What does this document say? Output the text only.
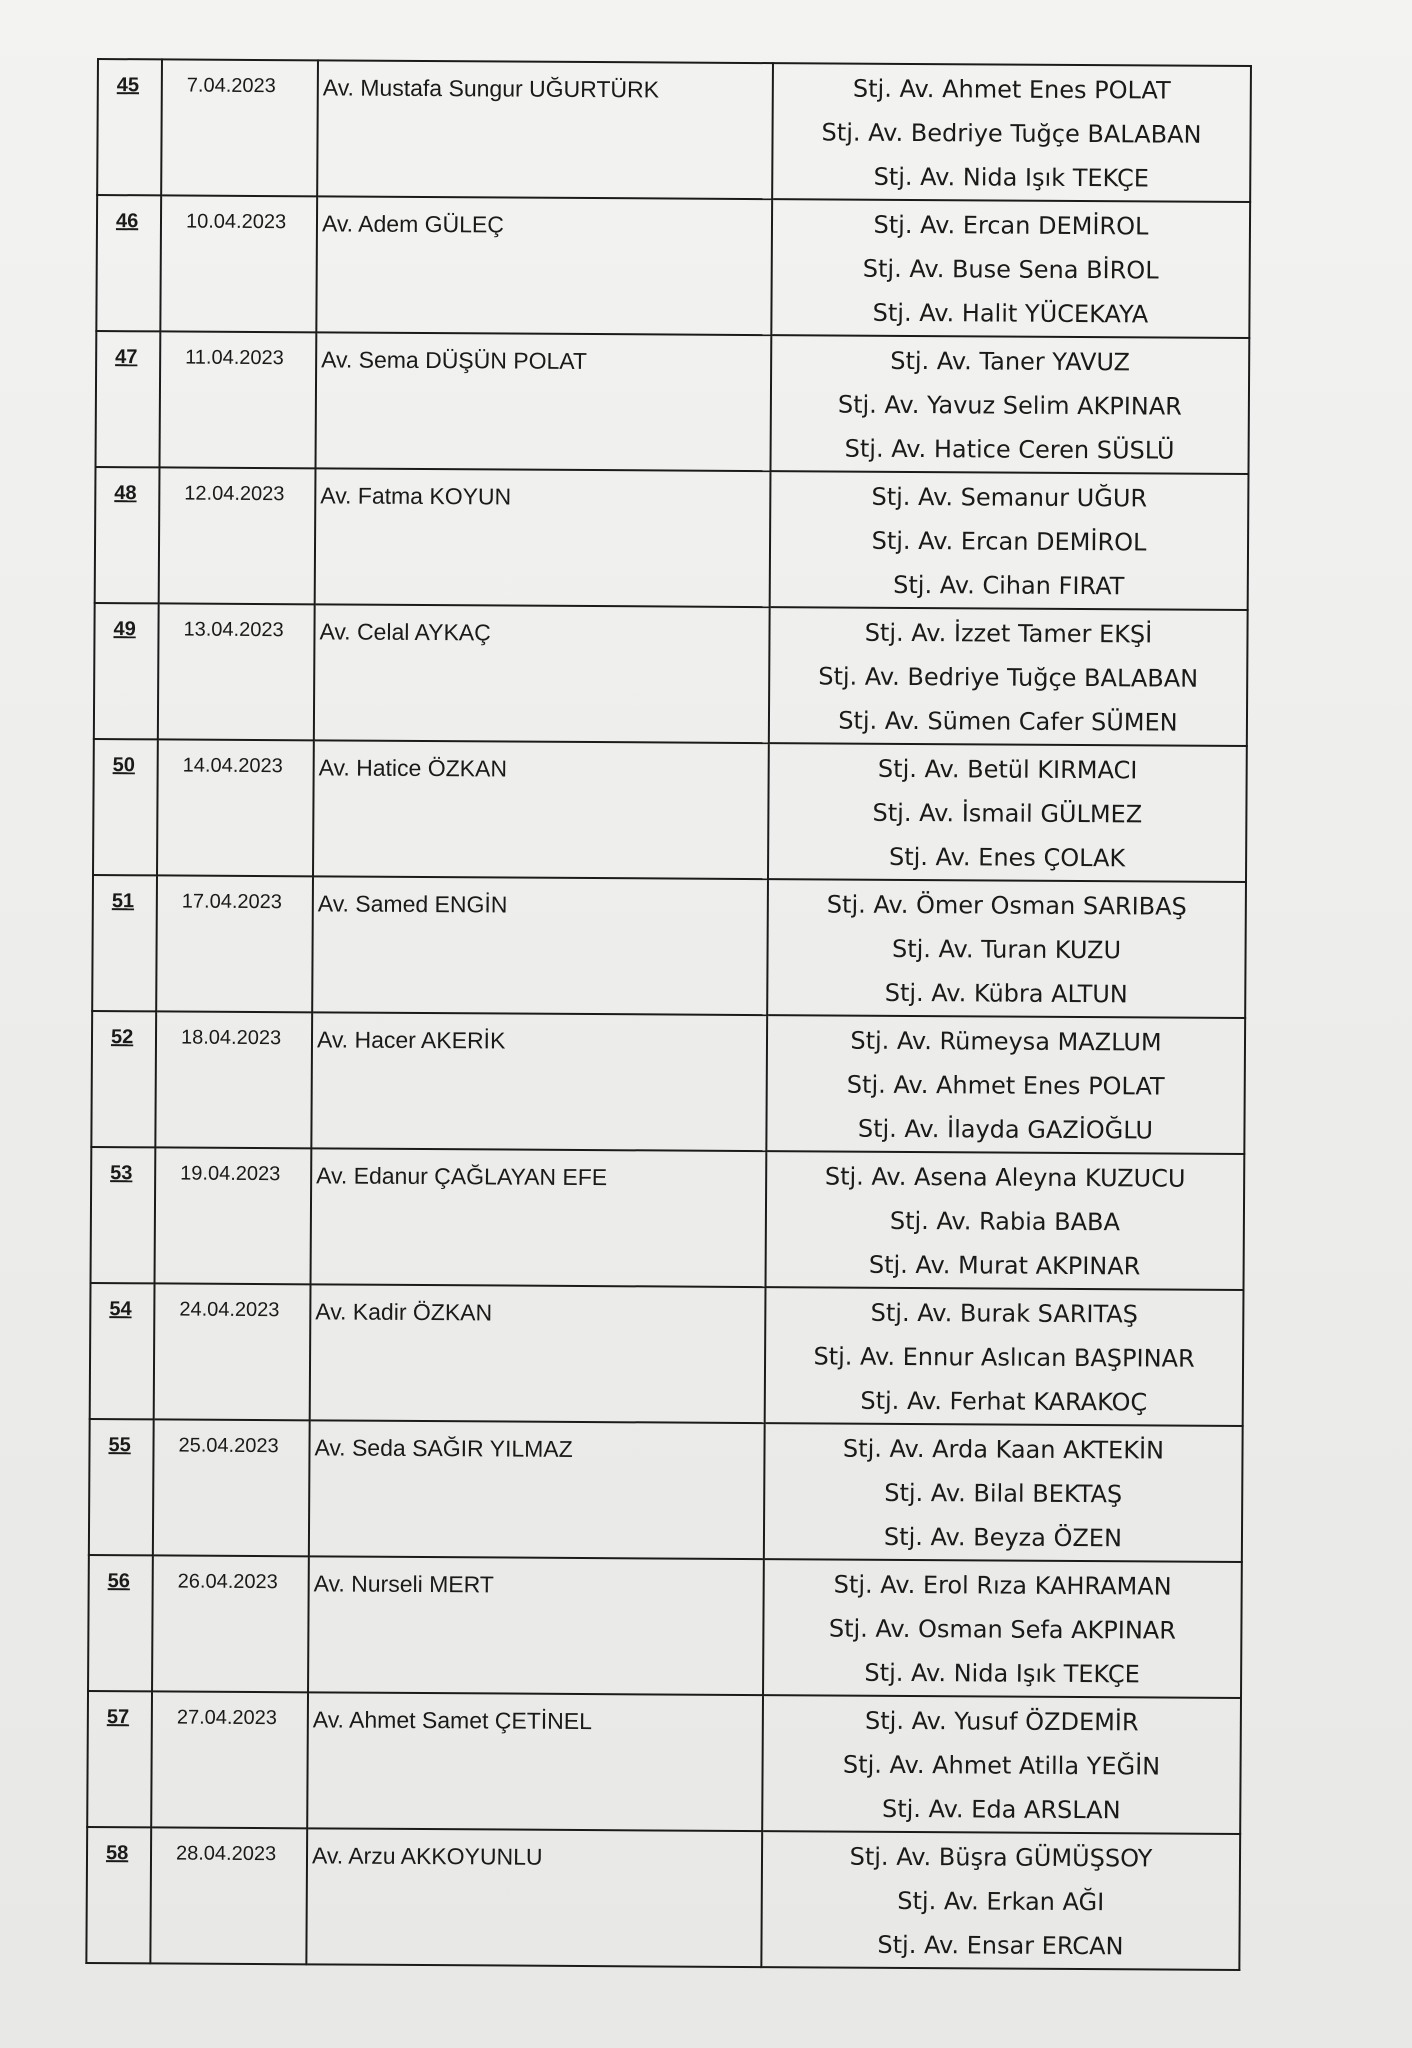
45	7.04.2023	Av. Mustafa Sungur UĞURTÜRK	Stj. Av. Ahmet Enes POLAT
Stj. Av. Bedriye Tuğçe BALABAN
Stj. Av. Nida Işık TEKÇE

46	10.04.2023	Av. Adem GÜLEÇ	Stj. Av. Ercan DEMİROL
Stj. Av. Buse Sena BİROL
Stj. Av. Halit YÜCEKAYA

47	11.04.2023	Av. Sema DÜŞÜN POLAT	Stj. Av. Taner YAVUZ
Stj. Av. Yavuz Selim AKPINAR
Stj. Av. Hatice Ceren SÜSLÜ

48	12.04.2023	Av. Fatma KOYUN	Stj. Av. Semanur UĞUR
Stj. Av. Ercan DEMİROL
Stj. Av. Cihan FIRAT

49	13.04.2023	Av. Celal AYKAÇ	Stj. Av. İzzet Tamer EKŞİ
Stj. Av. Bedriye Tuğçe BALABAN
Stj. Av. Sümen Cafer SÜMEN

50	14.04.2023	Av. Hatice ÖZKAN	Stj. Av. Betül KIRMACI
Stj. Av. İsmail GÜLMEZ
Stj. Av. Enes ÇOLAK

51	17.04.2023	Av. Samed ENGİN	Stj. Av. Ömer Osman SARIBAŞ
Stj. Av. Turan KUZU
Stj. Av. Kübra ALTUN

52	18.04.2023	Av. Hacer AKERİK	Stj. Av. Rümeysa MAZLUM
Stj. Av. Ahmet Enes POLAT
Stj. Av. İlayda GAZİOĞLU

53	19.04.2023	Av. Edanur ÇAĞLAYAN EFE	Stj. Av. Asena Aleyna KUZUCU
Stj. Av. Rabia BABA
Stj. Av. Murat AKPINAR

54	24.04.2023	Av. Kadir ÖZKAN	Stj. Av. Burak SARITAŞ
Stj. Av. Ennur Aslıcan BAŞPINAR
Stj. Av. Ferhat KARAKOÇ

55	25.04.2023	Av. Seda SAĞIR YILMAZ	Stj. Av. Arda Kaan AKTEKİN
Stj. Av. Bilal BEKTAŞ
Stj. Av. Beyza ÖZEN

56	26.04.2023	Av. Nurseli MERT	Stj. Av. Erol Rıza KAHRAMAN
Stj. Av. Osman Sefa AKPINAR
Stj. Av. Nida Işık TEKÇE

57	27.04.2023	Av. Ahmet Samet ÇETİNEL	Stj. Av. Yusuf ÖZDEMİR
Stj. Av. Ahmet Atilla YEĞİN
Stj. Av. Eda ARSLAN

58	28.04.2023	Av. Arzu AKKOYUNLU	Stj. Av. Büşra GÜMÜŞSOY
Stj. Av. Erkan AĞI
Stj. Av. Ensar ERCAN
